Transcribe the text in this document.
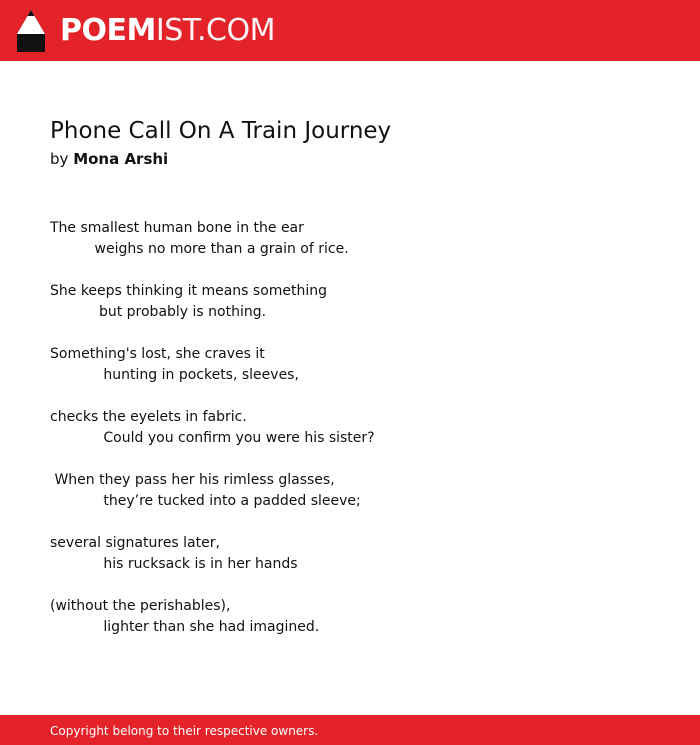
POEMIST.COM
Phone Call On A Train Journey
by Mona Arshi
The smallest human bone in the ear
weighs no more than a grain of rice.
She keeps thinking it means something
but probably is nothing.
Something's lost, she craves it
hunting in pockets, sleeves,
checks the eyelets in fabric.
Could you confirm you were his sister?
When they pass her his rimless glasses,
they’re tucked into a padded sleeve;
several signatures later,
his rucksack is in her hands
(without the perishables),
lighter than she had imagined.
Copyright belong to their respective owners.
